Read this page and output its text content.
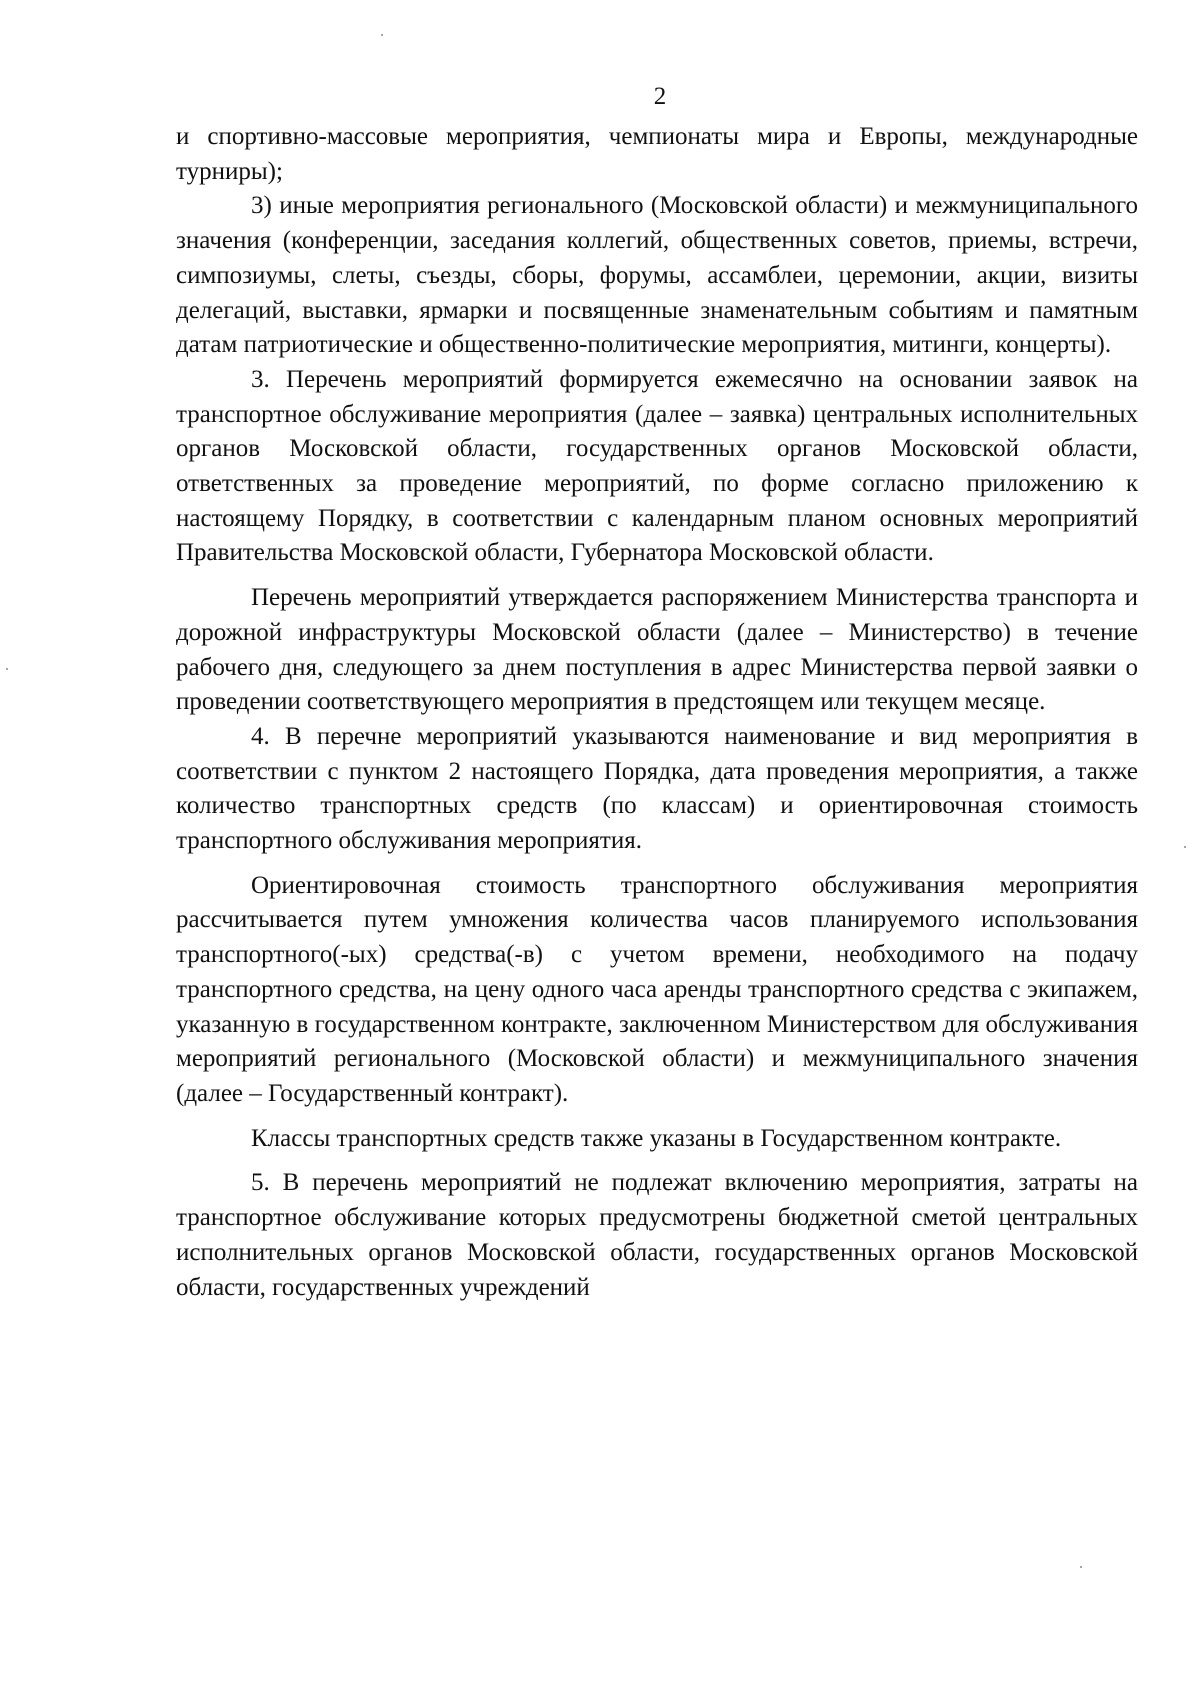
2

и спортивно-массовые мероприятия, чемпионаты мира и Европы, международные турниры);

3) иные мероприятия регионального (Московской области) и межмуниципального значения (конференции, заседания коллегий, общественных советов, приемы, встречи, симпозиумы, слеты, съезды, сборы, форумы, ассамблеи, церемонии, акции, визиты делегаций, выставки, ярмарки и посвященные знаменательным событиям и памятным датам патриотические и общественно-политические мероприятия, митинги, концерты).

3. Перечень мероприятий формируется ежемесячно на основании заявок на транспортное обслуживание мероприятия (далее – заявка) центральных исполнительных органов Московской области, государственных органов Московской области, ответственных за проведение мероприятий, по форме согласно приложению к настоящему Порядку, в соответствии с календарным планом основных мероприятий Правительства Московской области, Губернатора Московской области.

Перечень мероприятий утверждается распоряжением Министерства транспорта и дорожной инфраструктуры Московской области (далее – Министерство) в течение рабочего дня, следующего за днем поступления в адрес Министерства первой заявки о проведении соответствующего мероприятия в предстоящем или текущем месяце.

4. В перечне мероприятий указываются наименование и вид мероприятия в соответствии с пунктом 2 настоящего Порядка, дата проведения мероприятия, а также количество транспортных средств (по классам) и ориентировочная стоимость транспортного обслуживания мероприятия.

Ориентировочная стоимость транспортного обслуживания мероприятия рассчитывается путем умножения количества часов планируемого использования транспортного(-ых) средства(-в) с учетом времени, необходимого на подачу транспортного средства, на цену одного часа аренды транспортного средства с экипажем, указанную в государственном контракте, заключенном Министерством для обслуживания мероприятий регионального (Московской области) и межмуниципального значения (далее – Государственный контракт).

Классы транспортных средств также указаны в Государственном контракте.

5. В перечень мероприятий не подлежат включению мероприятия, затраты на транспортное обслуживание которых предусмотрены бюджетной сметой центральных исполнительных органов Московской области, государственных органов Московской области, государственных учреждений
